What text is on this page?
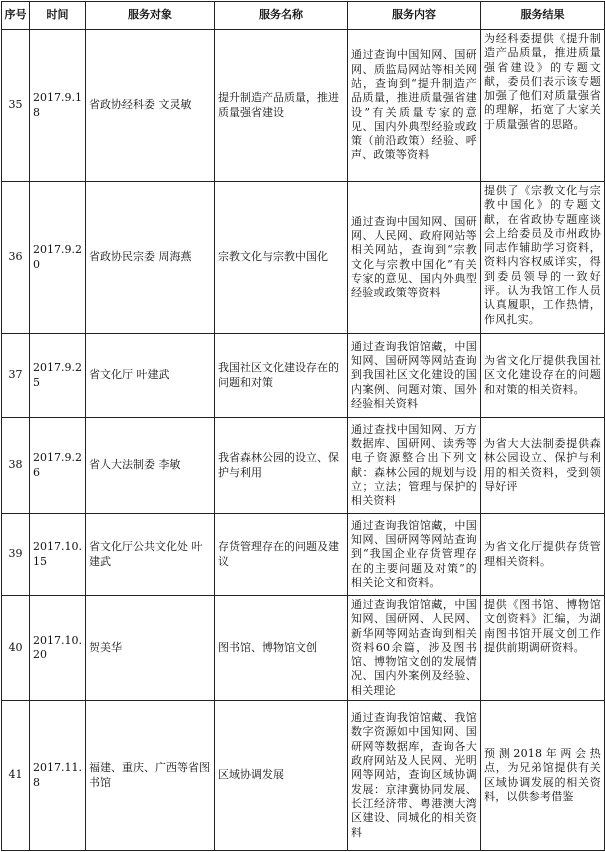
序号	时间	服务对象	服务名称	服务内容	服务结果
35	2017.9.18	省政协经科委 文灵敏	提升制造产品质量，推进质量强省建设	通过查询中国知网、国研网、质监局网站等相关网站，查询到“提升制造产品质量，推进质量强省建设”有关质量专家的意见、国内外典型经验或政策（前沿政策）经验、呼声、政策等资料	为经科委提供《提升制造产品质量，推进质量强省建设》的专题文献，委员们表示该专题加强了他们对质量强省的理解，拓宽了大家关于质量强省的思路。
36	2017.9.20	省政协民宗委 周海燕	宗教文化与宗教中国化	通过查询中国知网、国研网、人民网、政府网站等相关网站，查询到“宗教文化与宗教中国化”有关专家的意见、国内外典型经验或政策等资料	提供了《宗教文化与宗教中国化》的专题文献，在省政协专题座谈会上给委员及市州政协同志作辅助学习资料，资料内容权威详实，得到委员领导的一致好评。认为我馆工作人员认真履职，工作热情，作风扎实。
37	2017.9.25	省文化厅 叶建武	我国社区文化建设存在的问题和对策	通过查询我馆馆藏，中国知网、国研网等网站查询到我国社区文化建设的国内案例、问题对策、国外经验相关资料	为省文化厅提供我国社区文化建设存在的问题和对策的相关资料。
38	2017.9.26	省人大法制委 李敏	我省森林公园的设立、保护与利用	通过查找中国知网、万方数据库、国研网、读秀等电子资源整合出下列文献：森林公园的规划与设立；立法；管理与保护的相关资料	为省大大法制委提供森林公园设立、保护与利用的相关资料，受到领导好评
39	2017.10.15	省文化厅公共文化处 叶建武	存货管理存在的问题及建议	通过查询我馆馆藏，中国知网、国研网等网站查询到“我国企业存货管理存在的主要问题及对策”的相关论文和资料。	为省文化厅提供存货管理相关资料。
40	2017.10.20	贺美华	图书馆、博物馆文创	通过查询我馆馆藏，中国知网、国研网、人民网、新华网等网站查询到相关资料60余篇，涉及图书馆、博物馆文创的发展情况、国内外案例及经验、相关理论	提供《图书馆、博物馆文创资料》汇编，为湖南图书馆开展文创工作提供前期调研资料。
41	2017.11.8	福建、重庆、广西等省图书馆	区域协调发展	通过查询我馆馆藏、我馆数字资源如中国知网、国研网等数据库，查询各大政府网站及人民网、光明网等网站，查询区域协调发展：京津冀协同发展、长江经济带、粤港澳大湾区建设、同城化的相关资料	预测2018年两会热点，为兄弟馆提供有关区域协调发展的相关资料，以供参考借鉴
